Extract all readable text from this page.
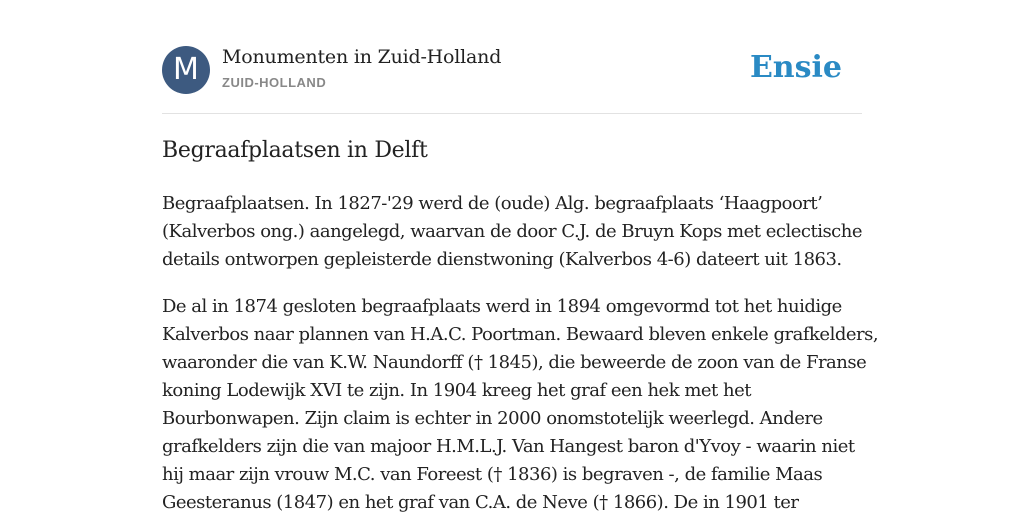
M	Monumenten in Zuid-Holland
ZUID-HOLLAND	Ensie
Begraafplaatsen in Delft

Begraafplaatsen. In 1827-'29 werd de (oude) Alg. begraafplaats ‘Haagpoort’
(Kalverbos ong.) aangelegd, waarvan de door C.J. de Bruyn Kops met eclectische
details ontworpen gepleisterde dienstwoning (Kalverbos 4-6) dateert uit 1863.

De al in 1874 gesloten begraafplaats werd in 1894 omgevormd tot het huidige
Kalverbos naar plannen van H.A.C. Poortman. Bewaard bleven enkele grafkelders,
waaronder die van K.W. Naundorff († 1845), die beweerde de zoon van de Franse
koning Lodewijk XVI te zijn. In 1904 kreeg het graf een hek met het
Bourbonwapen. Zijn claim is echter in 2000 onomstotelijk weerlegd. Andere
grafkelders zijn die van majoor H.M.L.J. Van Hangest baron d'Yvoy - waarin niet
hij maar zijn vrouw M.C. van Foreest († 1836) is begraven -, de familie Maas
Geesteranus (1847) en het graf van C.A. de Neve († 1866). De in 1901 ter
